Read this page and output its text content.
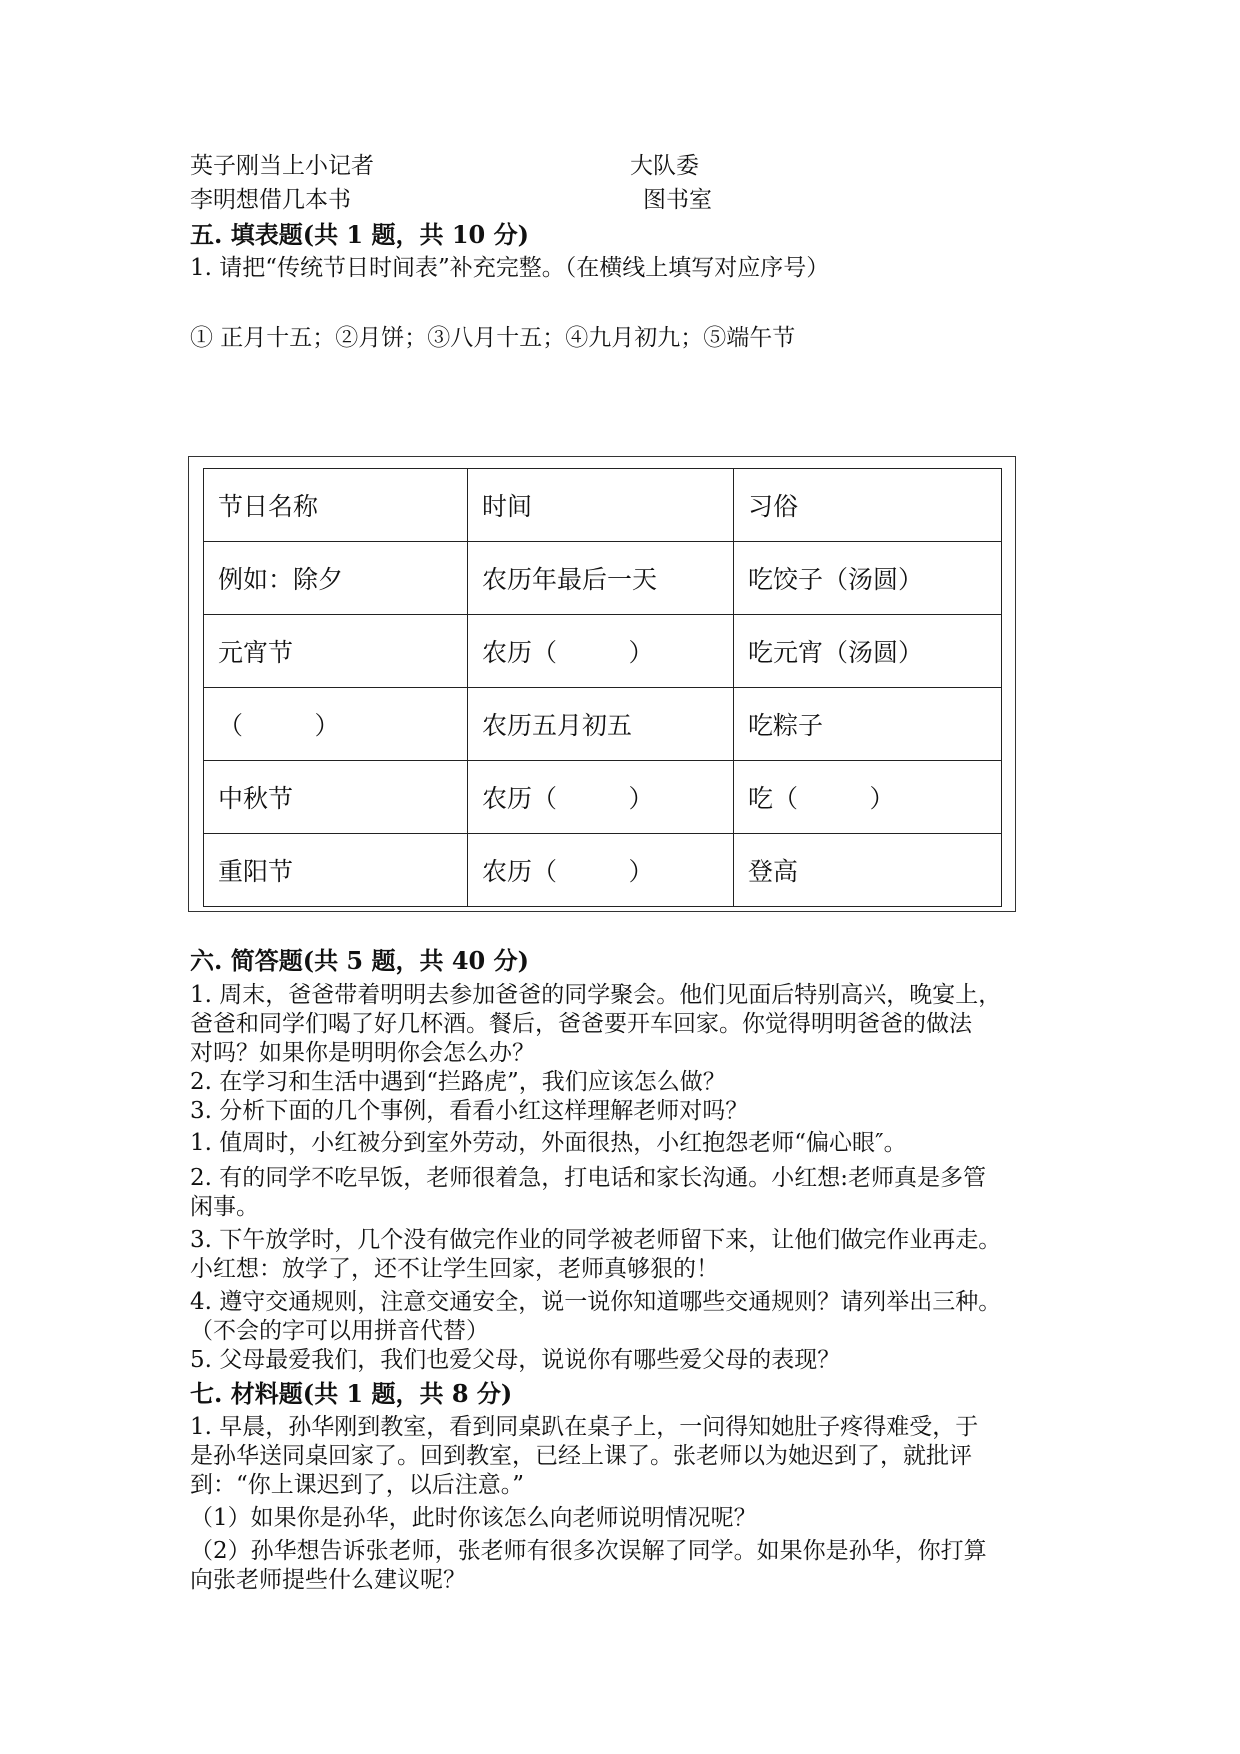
英子刚当上小记者	大队委
李明想借几本书	图书室
五. 填表题(共 1 题，共 10 分)
1. 请把“传统节日时间表”补充完整。（在横线上填写对应序号）
① 正月十五；②月饼；③八月十五；④九月初九；⑤端午节
节日名称	时间	习俗
例如：除夕	农历年最后一天	吃饺子（汤圆）
元宵节	农历（         ）	吃元宵（汤圆）
（         ）	农历五月初五	吃粽子
中秋节	农历（         ）	吃（         ）
重阳节	农历（         ）	登高
六. 简答题(共 5 题，共 40 分)
1. 周末，爸爸带着明明去参加爸爸的同学聚会。他们见面后特别高兴，晚宴上，
爸爸和同学们喝了好几杯酒。餐后，爸爸要开车回家。你觉得明明爸爸的做法
对吗？如果你是明明你会怎么办？
2. 在学习和生活中遇到“拦路虎”，我们应该怎么做？
3. 分析下面的几个事例，看看小红这样理解老师对吗？
1. 值周时，小红被分到室外劳动，外面很热，小红抱怨老师“偏心眼″。
2. 有的同学不吃早饭，老师很着急，打电话和家长沟通。小红想:老师真是多管
闲事。
3. 下午放学时，几个没有做完作业的同学被老师留下来，让他们做完作业再走。
小红想：放学了，还不让学生回家，老师真够狠的！
4. 遵守交通规则，注意交通安全，说一说你知道哪些交通规则？请列举出三种。
（不会的字可以用拼音代替）
5. 父母最爱我们，我们也爱父母，说说你有哪些爱父母的表现？
七. 材料题(共 1 题，共 8 分)
1. 早晨，孙华刚到教室，看到同桌趴在桌子上，一问得知她肚子疼得难受，于
是孙华送同桌回家了。回到教室，已经上课了。张老师以为她迟到了，就批评
到：“你上课迟到了，以后注意。”
（1）如果你是孙华，此时你该怎么向老师说明情况呢？
（2）孙华想告诉张老师，张老师有很多次误解了同学。如果你是孙华，你打算
向张老师提些什么建议呢？
